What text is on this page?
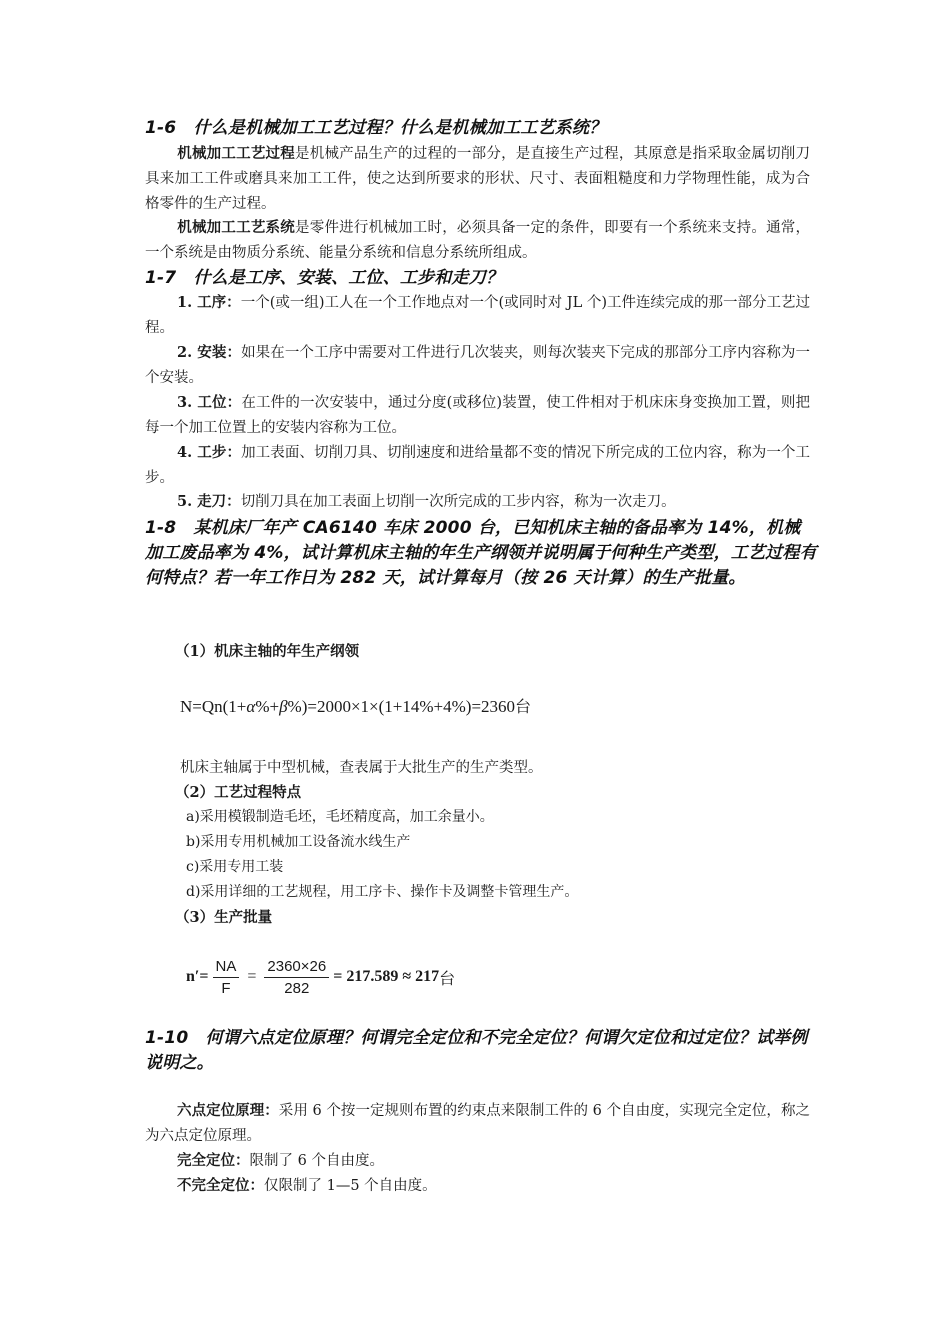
1-6　什么是机械加工工艺过程？什么是机械加工工艺系统？
机械加工工艺过程是机械产品生产的过程的一部分，是直接生产过程，其原意是指采取金属切削刀具来加工工件或磨具来加工工件，使之达到所要求的形状、尺寸、表面粗糙度和力学物理性能，成为合格零件的生产过程。
机械加工工艺系统是零件进行机械加工时，必须具备一定的条件，即要有一个系统来支持。通常，一个系统是由物质分系统、能量分系统和信息分系统所组成。
1-7　什么是工序、安装、工位、工步和走刀？
1. 工序：一个(或一组)工人在一个工作地点对一个(或同时对 JL 个)工件连续完成的那一部分工艺过程。
2. 安装：如果在一个工序中需要对工件进行几次装夹，则每次装夹下完成的那部分工序内容称为一个安装。
3. 工位：在工件的一次安装中，通过分度(或移位)装置，使工件相对于机床床身变换加工置，则把每一个加工位置上的安装内容称为工位。
4. 工步：加工表面、切削刀具、切削速度和进给量都不变的情况下所完成的工位内容，称为一个工步。
5. 走刀：切削刀具在加工表面上切削一次所完成的工步内容，称为一次走刀。
1-8　某机床厂年产 CA6140 车床 2000 台，已知机床主轴的备品率为 14%，机械加工废品率为 4%，试计算机床主轴的年生产纲领并说明属于何种生产类型，工艺过程有何特点？若一年工作日为 282 天，试计算每月（按 26 天计算）的生产批量。
（1）机床主轴的年生产纲领
N=Qn(1+α%+β%)=2000×1×(1+14%+4%)=2360台
机床主轴属于中型机械，查表属于大批生产的生产类型。
（2）工艺过程特点
a)采用模锻制造毛坯，毛坯精度高，加工余量小。
b)采用专用机械加工设备流水线生产
c)采用专用工装
d)采用详细的工艺规程，用工序卡、操作卡及调整卡管理生产。
（3）生产批量
$n'= \frac{NA}{F} = \frac{2360\times 26}{282} = 217.589 \approx 217$ 台
1-10　何谓六点定位原理？何谓完全定位和不完全定位？何谓欠定位和过定位？试举例说明之。
六点定位原理：采用 6 个按一定规则布置的约束点来限制工件的 6 个自由度，实现完全定位，称之为六点定位原理。
完全定位：限制了 6 个自由度。
不完全定位：仅限制了 1—5 个自由度。
